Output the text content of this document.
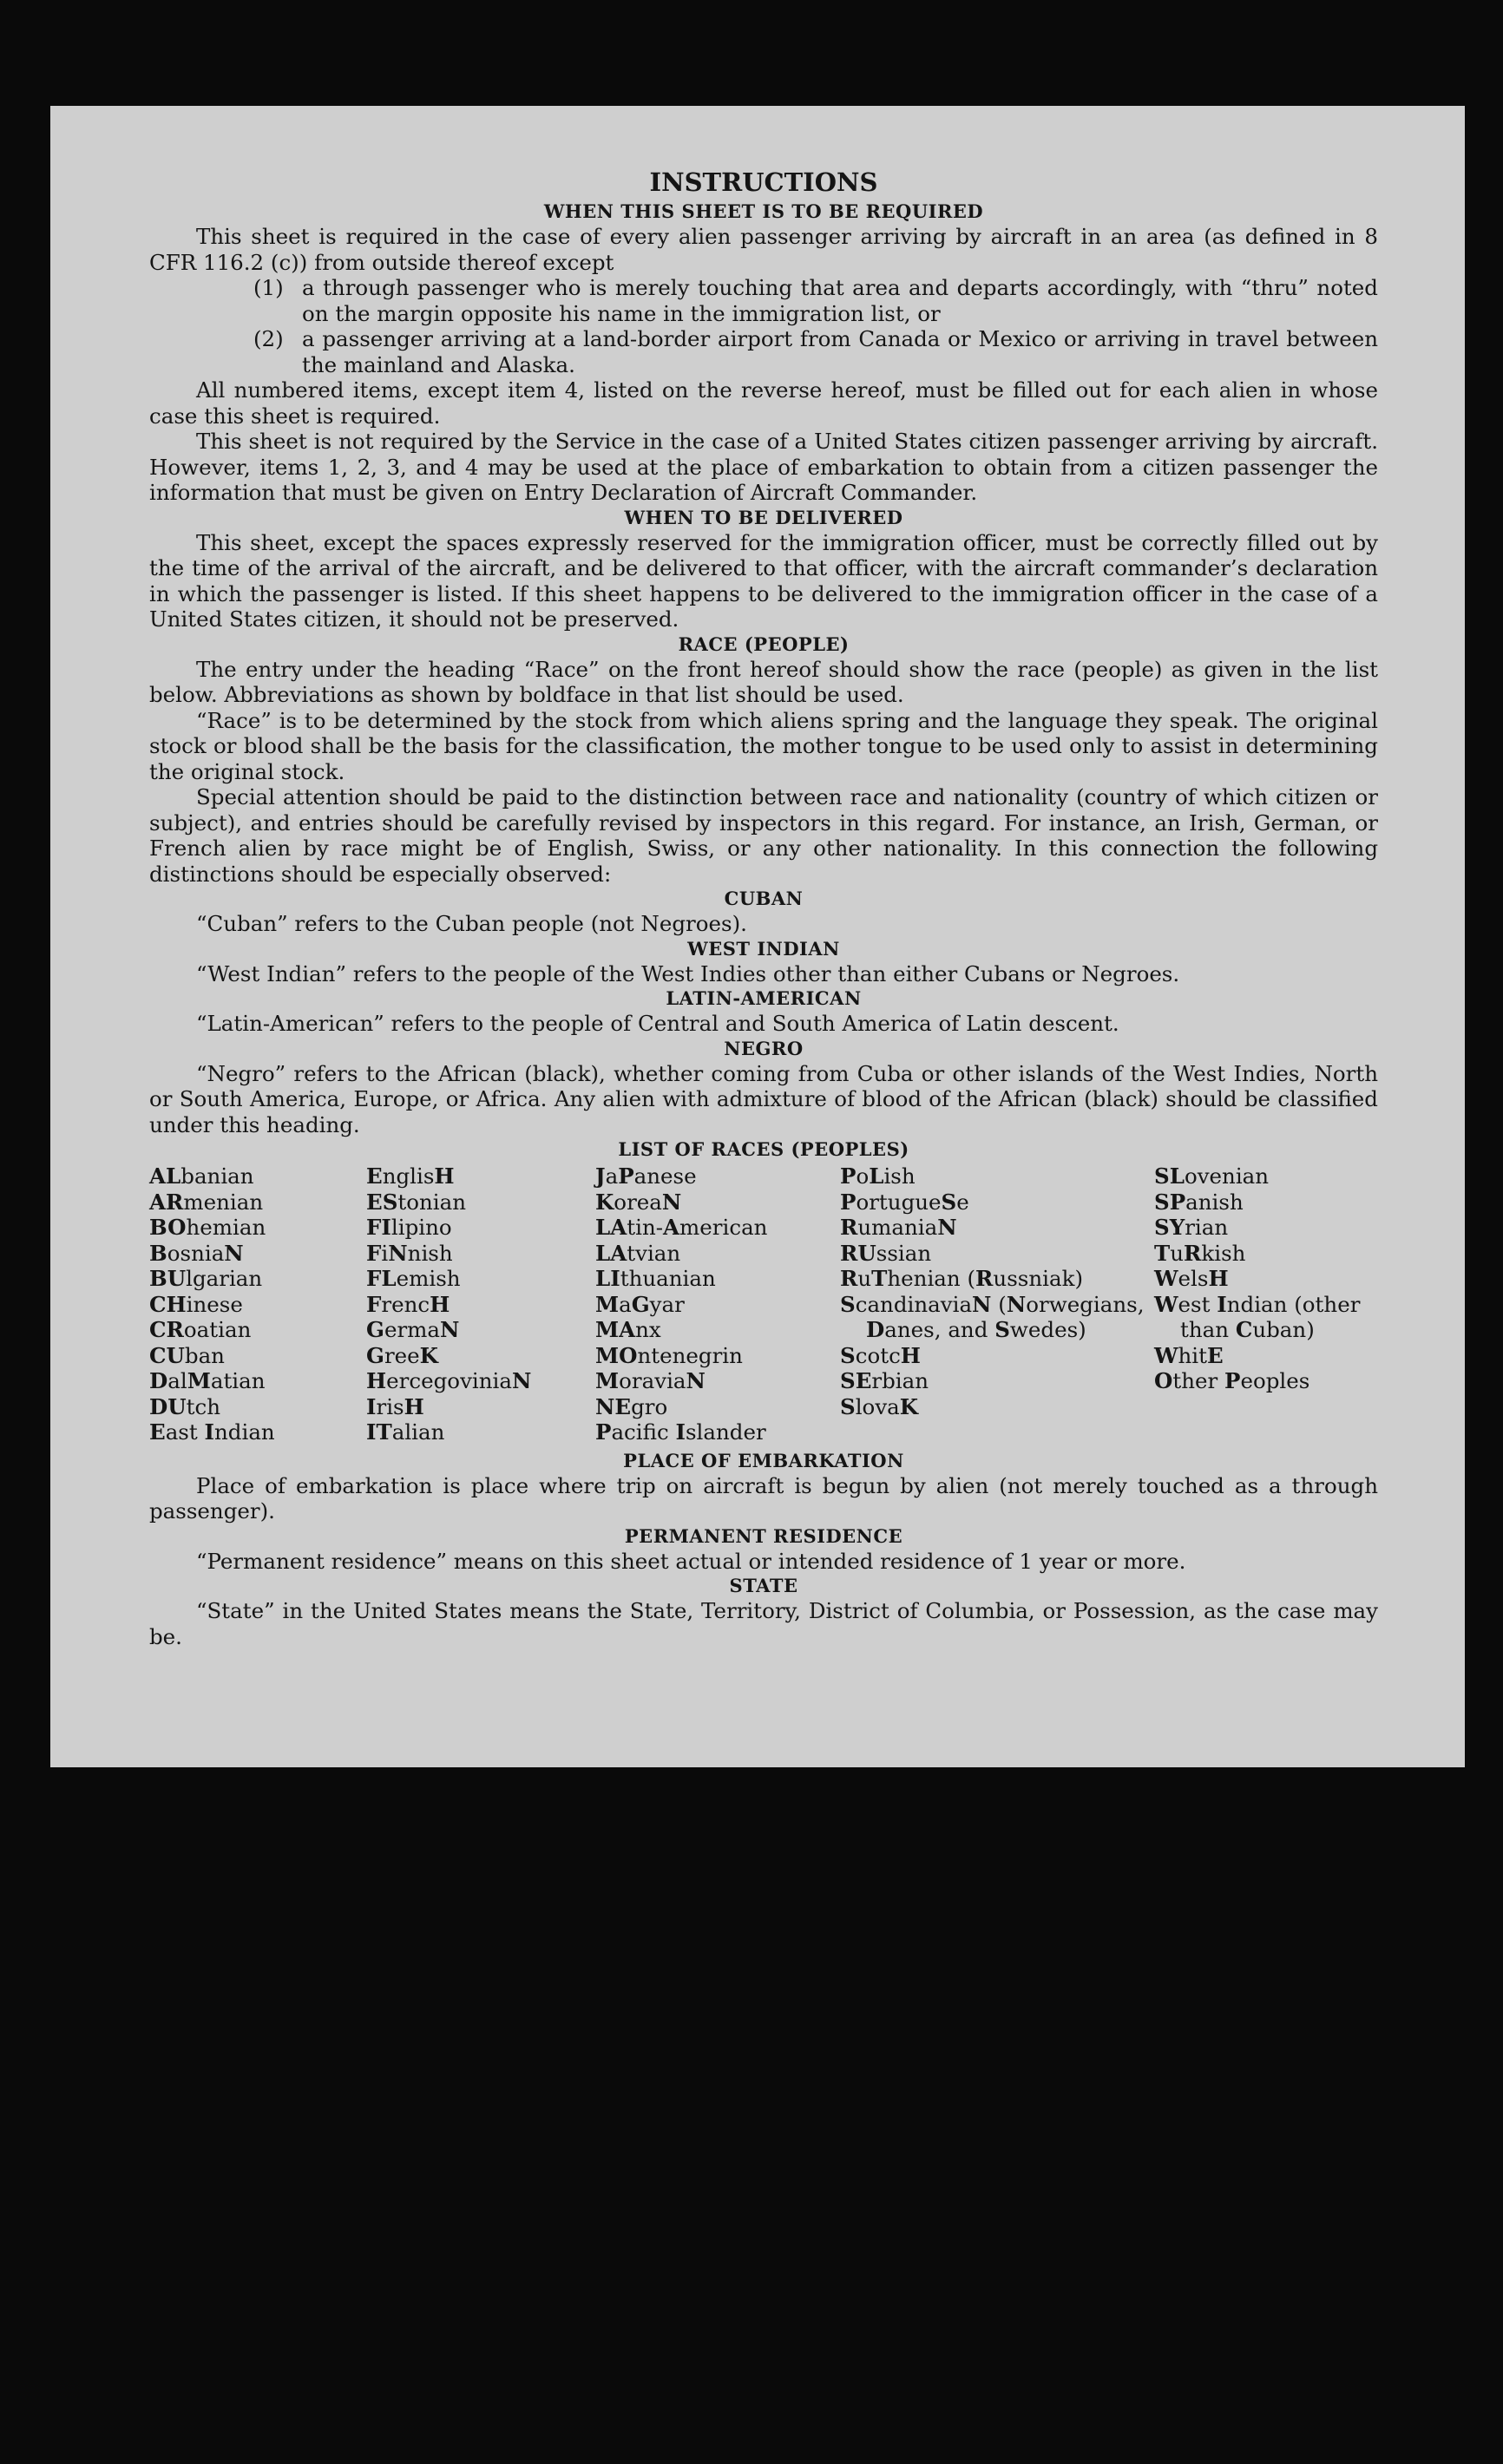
INSTRUCTIONS
WHEN THIS SHEET IS TO BE REQUIRED

This sheet is required in the case of every alien passenger arriving by aircraft in an area (as defined in 8 CFR 116.2 (c)) from outside thereof except

(1) a through passenger who is merely touching that area and departs accordingly, with “thru” noted on the margin opposite his name in the immigration list, or
(2) a passenger arriving at a land-border airport from Canada or Mexico or arriving in travel between the mainland and Alaska.

All numbered items, except item 4, listed on the reverse hereof, must be filled out for each alien in whose case this sheet is required.

This sheet is not required by the Service in the case of a United States citizen passenger arriving by aircraft. However, items 1, 2, 3, and 4 may be used at the place of embarkation to obtain from a citizen passenger the information that must be given on Entry Declaration of Aircraft Commander.

WHEN TO BE DELIVERED

This sheet, except the spaces expressly reserved for the immigration officer, must be correctly filled out by the time of the arrival of the aircraft, and be delivered to that officer, with the aircraft commander’s declaration in which the passenger is listed. If this sheet happens to be delivered to the immigration officer in the case of a United States citizen, it should not be preserved.

RACE (PEOPLE)

The entry under the heading “Race” on the front hereof should show the race (people) as given in the list below. Abbreviations as shown by boldface in that list should be used.

“Race” is to be determined by the stock from which aliens spring and the language they speak. The original stock or blood shall be the basis for the classification, the mother tongue to be used only to assist in determining the original stock.

Special attention should be paid to the distinction between race and nationality (country of which citizen or subject), and entries should be carefully revised by inspectors in this regard. For instance, an Irish, German, or French alien by race might be of English, Swiss, or any other nationality. In this connection the following distinctions should be especially observed:

CUBAN

“Cuban” refers to the Cuban people (not Negroes).

WEST INDIAN

“West Indian” refers to the people of the West Indies other than either Cubans or Negroes.

LATIN-AMERICAN

“Latin-American” refers to the people of Central and South America of Latin descent.

NEGRO

“Negro” refers to the African (black), whether coming from Cuba or other islands of the West Indies, North or South America, Europe, or Africa. Any alien with admixture of blood of the African (black) should be classified under this heading.

LIST OF RACES (PEOPLES)
ALbanian
ARmenian
BOhemian
BosniaN
BUlgarian
CHinese
CRoatian
CUban
DalMatian
DUtch
East Indian
EnglisH
EStonian
FIlipino
FiNnish
FLemish
FrencH
GermaN
GreeK
HercegoviniaN
IrisH
ITalian
JaPanese
KoreaN
LAtin-American
LAtvian
LIthuanian
MaGyar
MAnx
MOntenegrin
MoraviaN
NEgro
Pacifc Islander
PoLish
PortugueSe
RumaniaN
RUssian
RuThenian (Russniak)
ScandinaviaN (Norwegians, Danes, and Swedes)
ScotcH
SErbian
SlovaK
SLovenian
SPanish
SYrian
TuRkish
WelsH
West Indian (other than Cuban)
WhitE
Other Peoples
PLACE OF EMBARKATION

Place of embarkation is place where trip on aircraft is begun by alien (not merely touched as a through passenger).

PERMANENT RESIDENCE

“Permanent residence” means on this sheet actual or intended residence of 1 year or more.

STATE

“State” in the United States means the State, Territory, District of Columbia, or Possession, as the case may be.
